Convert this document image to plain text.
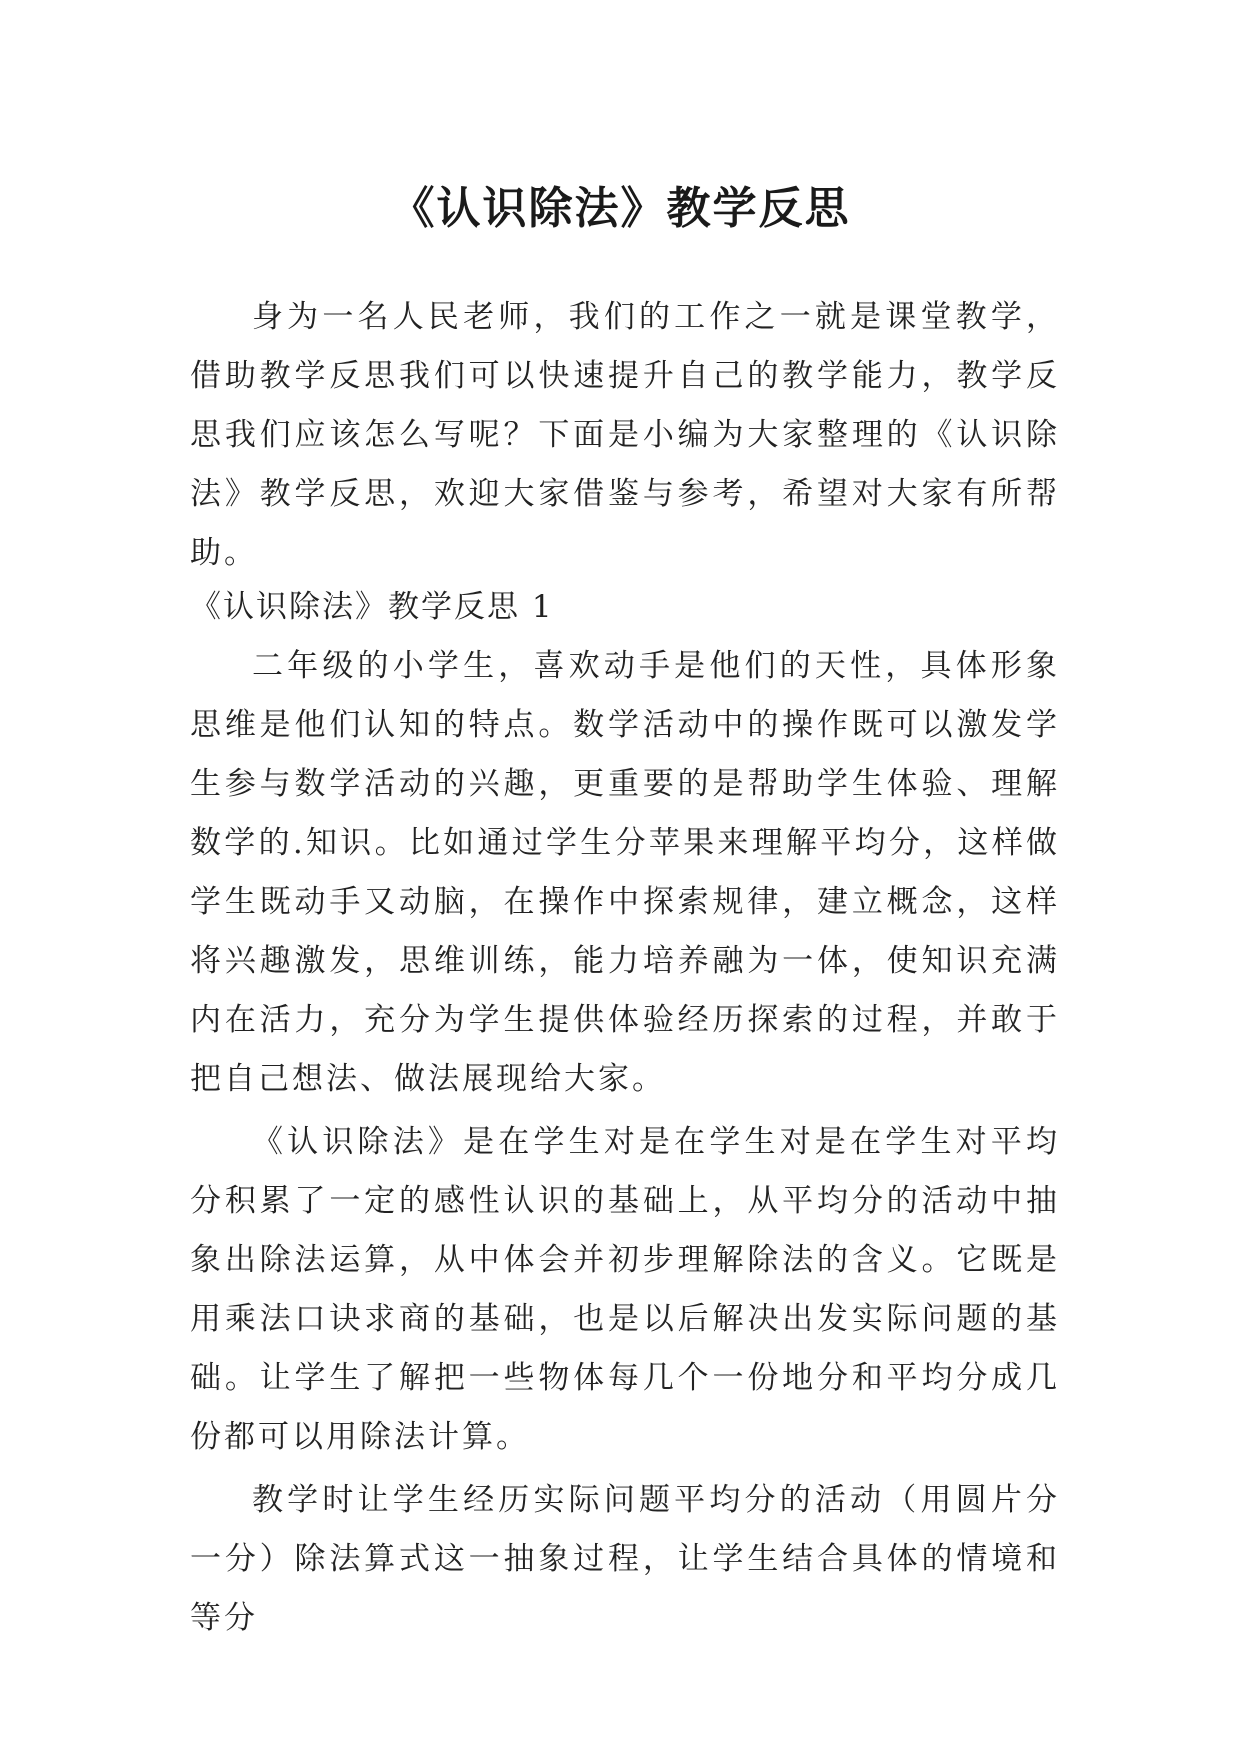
《认识除法》教学反思

身为一名人民老师，我们的工作之一就是课堂教学，借助教学反思我们可以快速提升自己的教学能力，教学反思我们应该怎么写呢？下面是小编为大家整理的《认识除法》教学反思，欢迎大家借鉴与参考，希望对大家有所帮助。

《认识除法》教学反思 1

二年级的小学生，喜欢动手是他们的天性，具体形象思维是他们认知的特点。数学活动中的操作既可以激发学生参与数学活动的兴趣，更重要的是帮助学生体验、理解数学的.知识。比如通过学生分苹果来理解平均分，这样做学生既动手又动脑，在操作中探索规律，建立概念，这样将兴趣激发，思维训练，能力培养融为一体，使知识充满内在活力，充分为学生提供体验经历探索的过程，并敢于把自己想法、做法展现给大家。

《认识除法》是在学生对是在学生对是在学生对平均分积累了一定的感性认识的基础上，从平均分的活动中抽象出除法运算，从中体会并初步理解除法的含义。它既是用乘法口诀求商的基础，也是以后解决出发实际问题的基础。让学生了解把一些物体每几个一份地分和平均分成几份都可以用除法计算。

教学时让学生经历实际问题平均分的活动（用圆片分一分）除法算式这一抽象过程，让学生结合具体的情境和等分
